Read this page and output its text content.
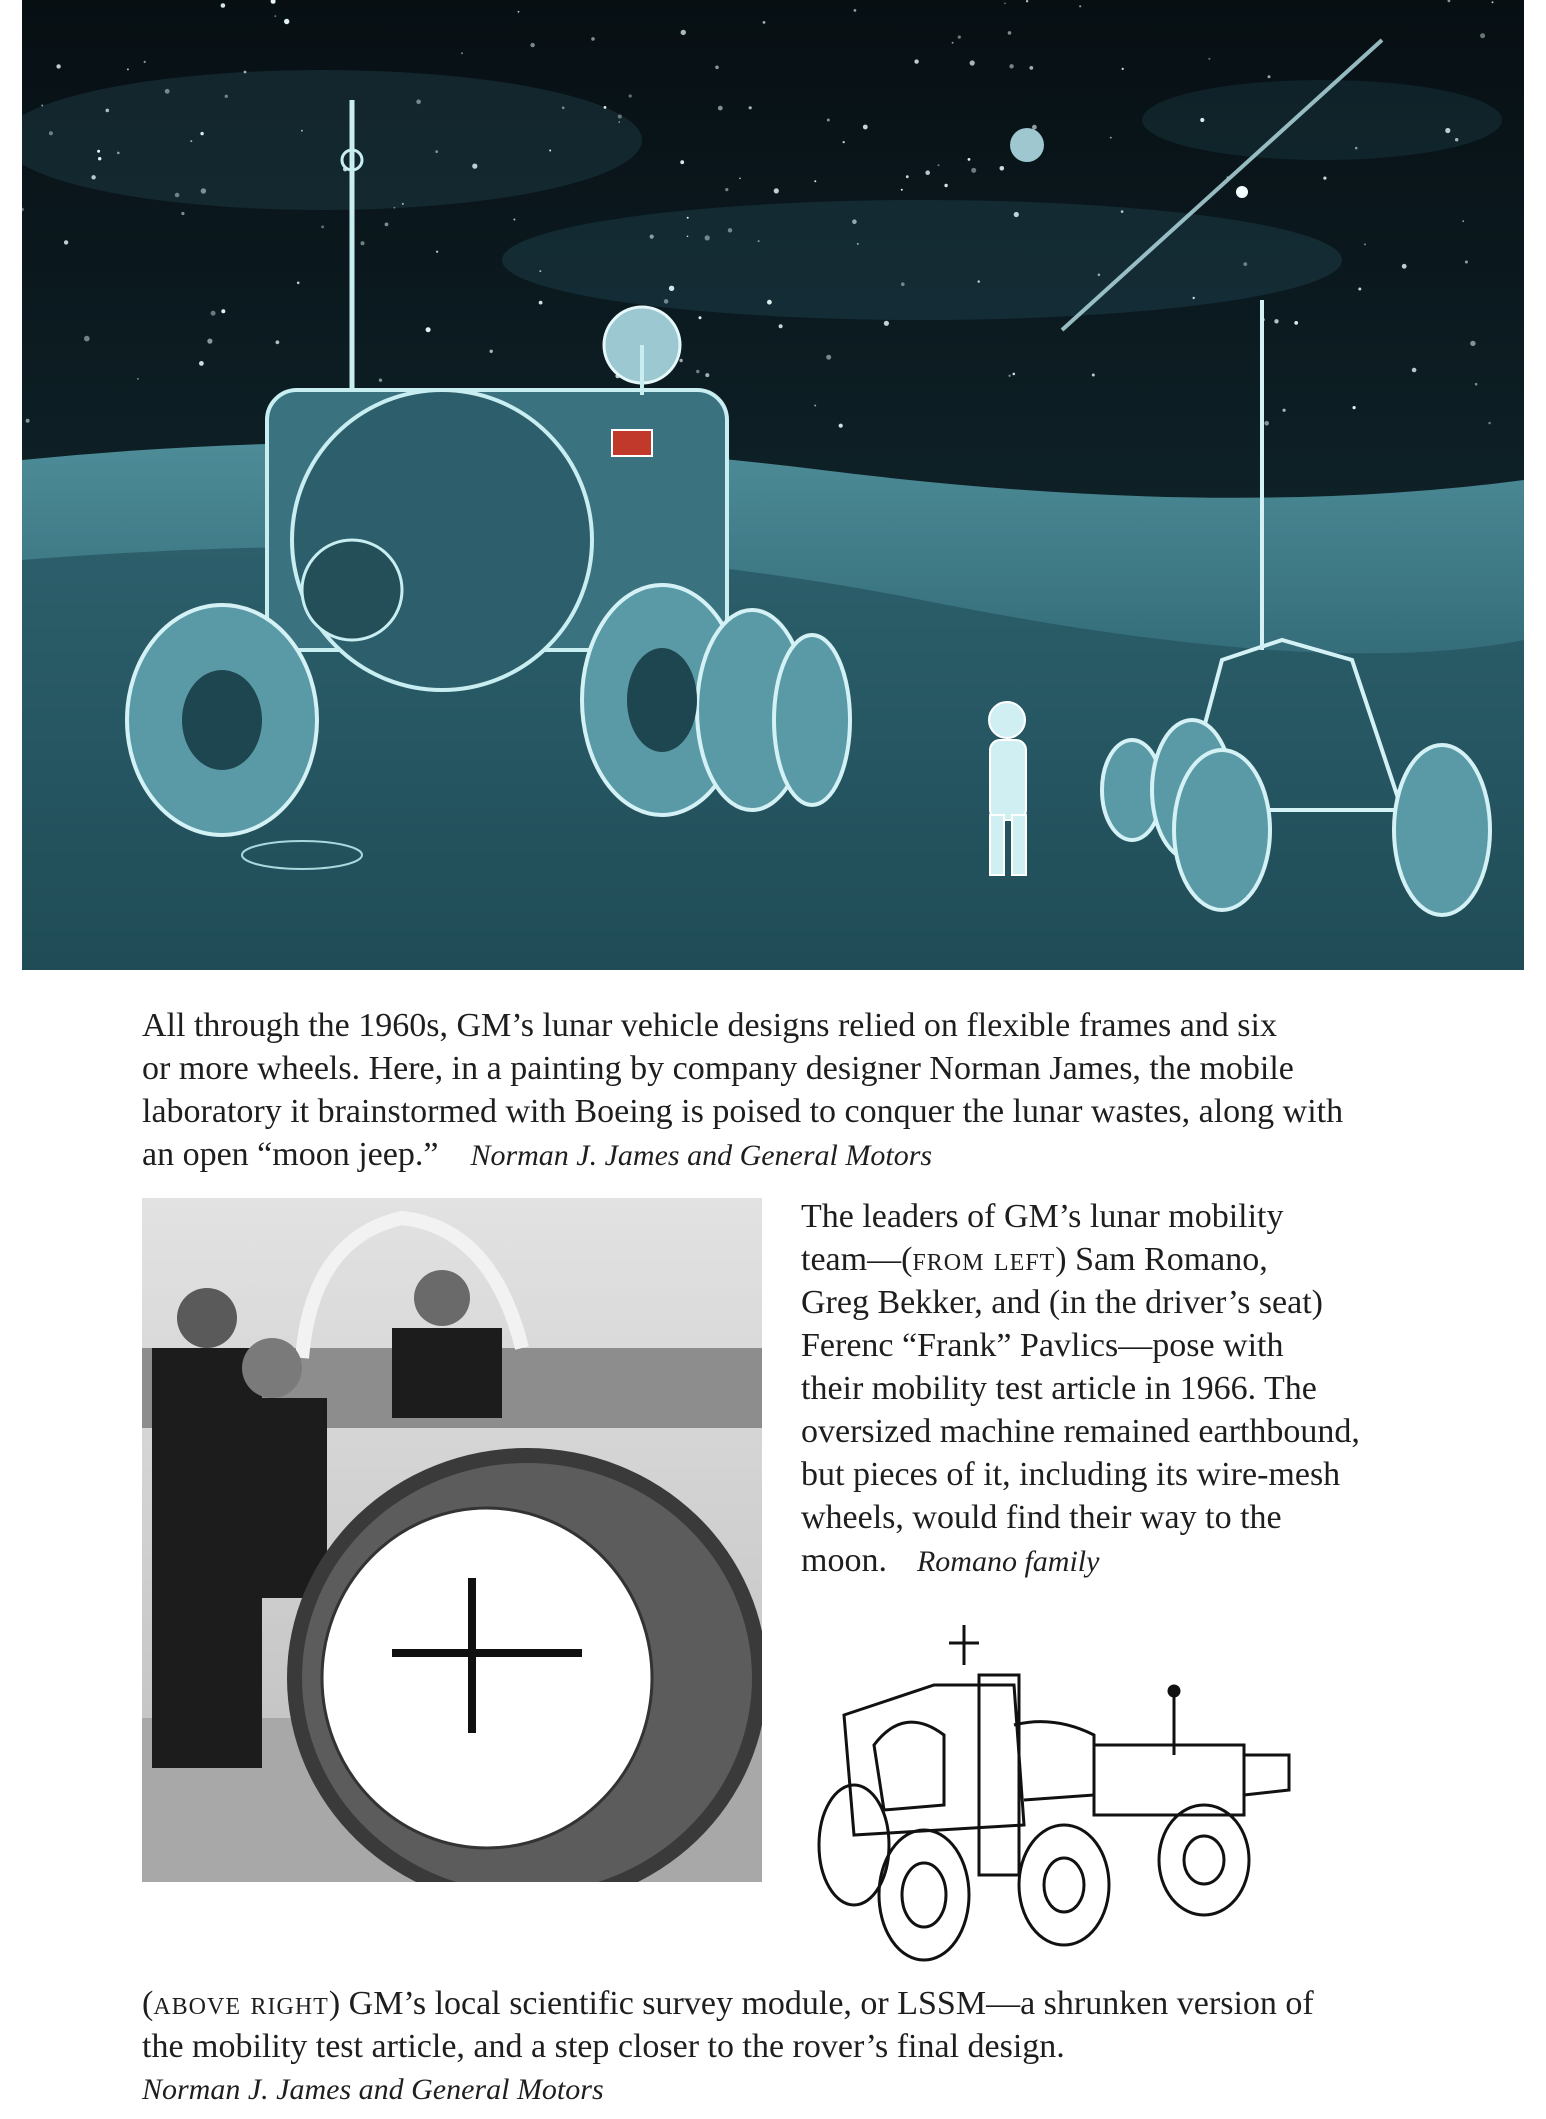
All through the 1960s, GM’s lunar vehicle designs relied on flexible frames and six
or more wheels. Here, in a painting by company designer Norman James, the mobile
laboratory it brainstormed with Boeing is poised to conquer the lunar wastes, along with
an open “moon jeep.” Norman J. James and General Motors
The leaders of GM’s lunar mobility
team—(from left) Sam Romano,
Greg Bekker, and (in the driver’s seat)
Ferenc “Frank” Pavlics—pose with
their mobility test article in 1966. The
oversized machine remained earthbound,
but pieces of it, including its wire-mesh
wheels, would find their way to the
moon. Romano family
(above right) GM’s local scientific survey module, or LSSM—a shrunken version of
the mobility test article, and a step closer to the rover’s final design.
Norman J. James and General Motors
